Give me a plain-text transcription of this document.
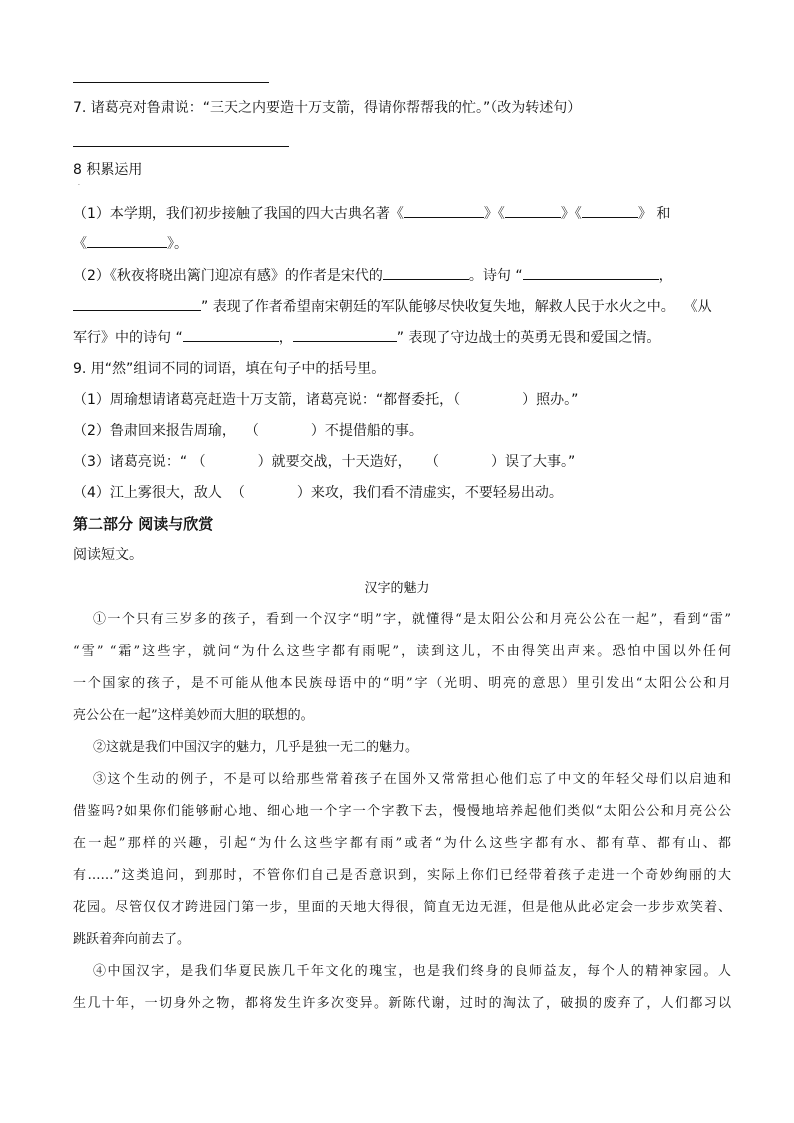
7. 诸葛亮对鲁肃说：“三天之内要造十万支箭，得请你帮帮我的忙。”（改为转述句）
8 积累运用
·
（1）本学期，我们初步接触了我国的四大古典名著《	》《	》《	》 和
《	》。
（2）《秋夜将晓出篱门迎凉有感》的作者是宋代的	。诗句 “	，
” 表现了作者希望南宋朝廷的军队能够尽快收复失地，解救人民于水火之中。 《从
军行》中的诗句 “	，	” 表现了守边战士的英勇无畏和爱国之情。
9. 用“然”组词不同的词语，填在句子中的括号里。
（1）周瑜想请诸葛亮赶造十万支箭，诸葛亮说：“都督委托，（	）照办。”
（2）鲁肃回来报告周瑜， （	）不提借船的事。
（3）诸葛亮说：“ （	）就要交战，十天造好， （	）误了大事。”
（4）江上雾很大，敌人 （	）来攻，我们看不清虚实，不要轻易出动。
第二部分 阅读与欣赏
阅读短文。
汉字的魅力
①一个只有三岁多的孩子，看到一个汉字“明”字，就懂得“是太阳公公和月亮公公在一起”，看到“雷”
“雪” “霜”这些字，就问“为什么这些字都有雨呢”，读到这儿，不由得笑出声来。恐怕中国以外任何
一个国家的孩子，是不可能从他本民族母语中的“明”字（光明、明亮的意思）里引发出“太阳公公和月
亮公公在一起”这样美妙而大胆的联想的。
②这就是我们中国汉字的魅力，几乎是独一无二的魅力。
③这个生动的例子，不是可以给那些常着孩子在国外又常常担心他们忘了中文的年轻父母们以启迪和
借鉴吗?如果你们能够耐心地、细心地一个字一个字教下去，慢慢地培养起他们类似“太阳公公和月亮公公
在一起”那样的兴趣，引起“为什么这些字都有雨”或者“为什么这些字都有水、都有草、都有山、都
有……”这类追问，到那时，不管你们自己是否意识到，实际上你们已经带着孩子走进一个奇妙绚丽的大
花园。尽管仅仅才跨进园门第一步，里面的天地大得很，简直无边无涯，但是他从此必定会一步步欢笑着、
跳跃着奔向前去了。
④中国汉字，是我们华夏民族几千年文化的瑰宝，也是我们终身的良师益友，每个人的精神家园。人
生几十年，一切身外之物，都将发生许多次变异。新陈代谢，过时的淘汰了，破损的废弃了，人们都习以
